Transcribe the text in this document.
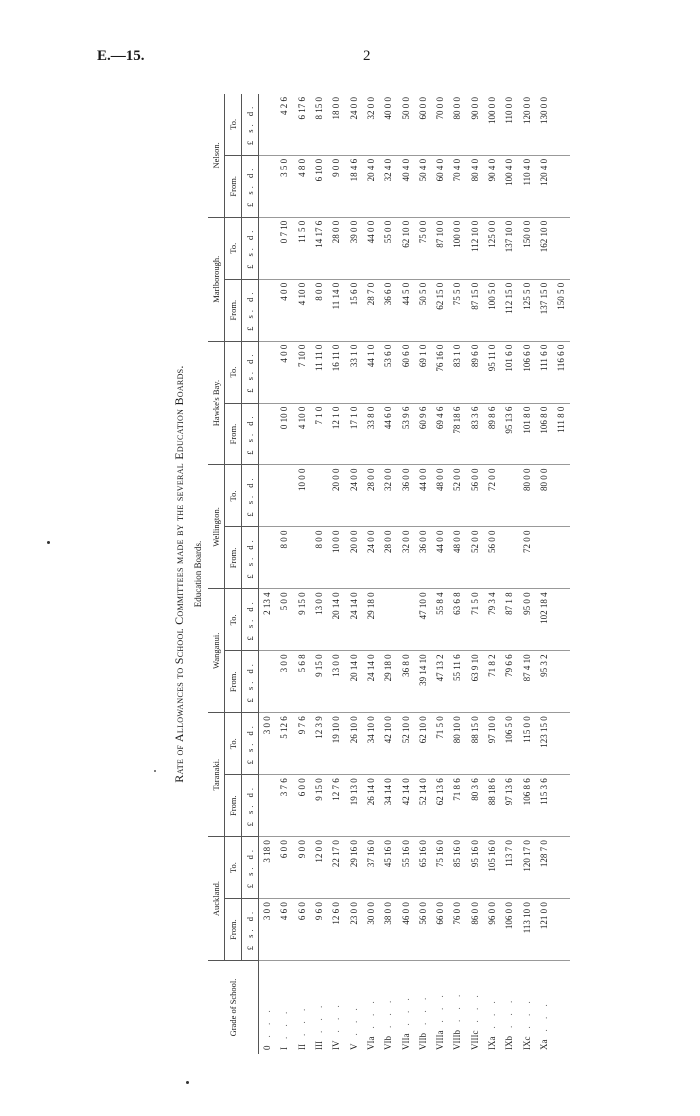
E.—15.	2
Rate of Allowances to School Committees made by the several Education Boards. Education Boards.
Grade of School.	Auckland.		Taranaki.		Wanganui.		Wellington.		Hawke's Bay.		Marlborough.		Nelson.	
	From.	To.	From.	To.	From.	To.	From.	To.	From.	To.	From.	To.	From.	To.
	£ s. d.	£ s. d.	£ s. d.	£ s. d.	£ s. d.	£ s. d.	£ s. d.	£ s. d.	£ s. d.	£ s. d.	£ s. d.	£ s. d.	£ s. d.	£ s. d.
0. . .	3 0 0	3 18 0		3 0 0		2 13 4								
I. . .	4 6 0	6 0 0	3 7 6	5 12 6	3 0 0	5 0 0	8 0 0		0 10 0	4 0 0	4 0 0	0 7 10	3 5 0	4 2 6
II. . .	6 6 0	9 0 0	6 0 0	9 7 6	5 6 8	9 15 0		10 0 0	4 10 0	7 10 0	4 10 0	11 5 0	4 8 0	6 17 6
III. . .	9 6 0	12 0 0	9 15 0	12 3 9	9 15 0	13 0 0	8 0 0		7 1 0	11 11 0	8 0 0	14 17 6	6 10 0	8 15 0
IV. . .	12 6 0	22 17 0	12 7 6	19 10 0	13 0 0	20 14 0	10 0 0	20 0 0	12 1 0	16 11 0	11 14 0	28 0 0	9 0 0	18 0 0
V. . .	23 0 0	29 16 0	19 13 0	26 10 0	20 14 0	24 14 0	20 0 0	24 0 0	17 1 0	33 1 0	15 6 0	39 0 0	18 4 6	24 0 0
VIa. . .	30 0 0	37 16 0	26 14 0	34 10 0	24 14 0	29 18 0	24 0 0	28 0 0	33 8 0	44 1 0	28 7 0	44 0 0	20 4 0	32 0 0
VIb. . .	38 0 0	45 16 0	34 14 0	42 10 0	29 18 0		28 0 0	32 0 0	44 6 0	53 6 0	36 6 0	55 0 0	32 4 0	40 0 0
VIIa. . .	46 0 0	55 16 0	42 14 0	52 10 0	36 8 0		32 0 0	36 0 0	53 9 6	60 6 0	44 5 0	62 10 0	40 4 0	50 0 0
VIIb. . .	56 0 0	65 16 0	52 14 0	62 10 0	39 14 10	47 10 0	36 0 0	44 0 0	60 9 6	69 1 0	50 5 0	75 0 0	50 4 0	60 0 0
VIIIa. . .	66 0 0	75 16 0	62 13 6	71 5 0	47 13 2	55 8 4	44 0 0	48 0 0	69 4 6	76 16 0	62 15 0	87 10 0	60 4 0	70 0 0
VIIIb. . .	76 0 0	85 16 0	71 8 6	80 10 0	55 11 6	63 6 8	48 0 0	52 0 0	78 18 6	83 1 0	75 5 0	100 0 0	70 4 0	80 0 0
VIIIc. . .	86 0 0	95 16 0	80 3 6	88 15 0	63 9 10	71 5 0	52 0 0	56 0 0	83 3 6	89 6 0	87 15 0	112 10 0	80 4 0	90 0 0
IXa. . .	96 0 0	105 16 0	88 18 6	97 10 0	71 8 2	79 3 4	56 0 0	72 0 0	89 8 6	95 11 0	100 5 0	125 0 0	90 4 0	100 0 0
IXb. . .	106 0 0	113 7 0	97 13 6	106 5 0	79 6 6	87 1 8			95 13 6	101 6 0	112 15 0	137 10 0	100 4 0	110 0 0
IXc. . .	113 10 0	120 17 0	106 8 6	115 0 0	87 4 10	95 0 0	72 0 0	80 0 0	101 8 0	106 6 0	125 5 0	150 0 0	110 4 0	120 0 0
Xa. . .	121 0 0	128 7 0	115 3 6	123 15 0	95 3 2	102 18 4		80 0 0	106 8 0	111 6 0	137 15 0	162 10 0	120 4 0	130 0 0
									111 8 0	116 6 0	150 5 0			
